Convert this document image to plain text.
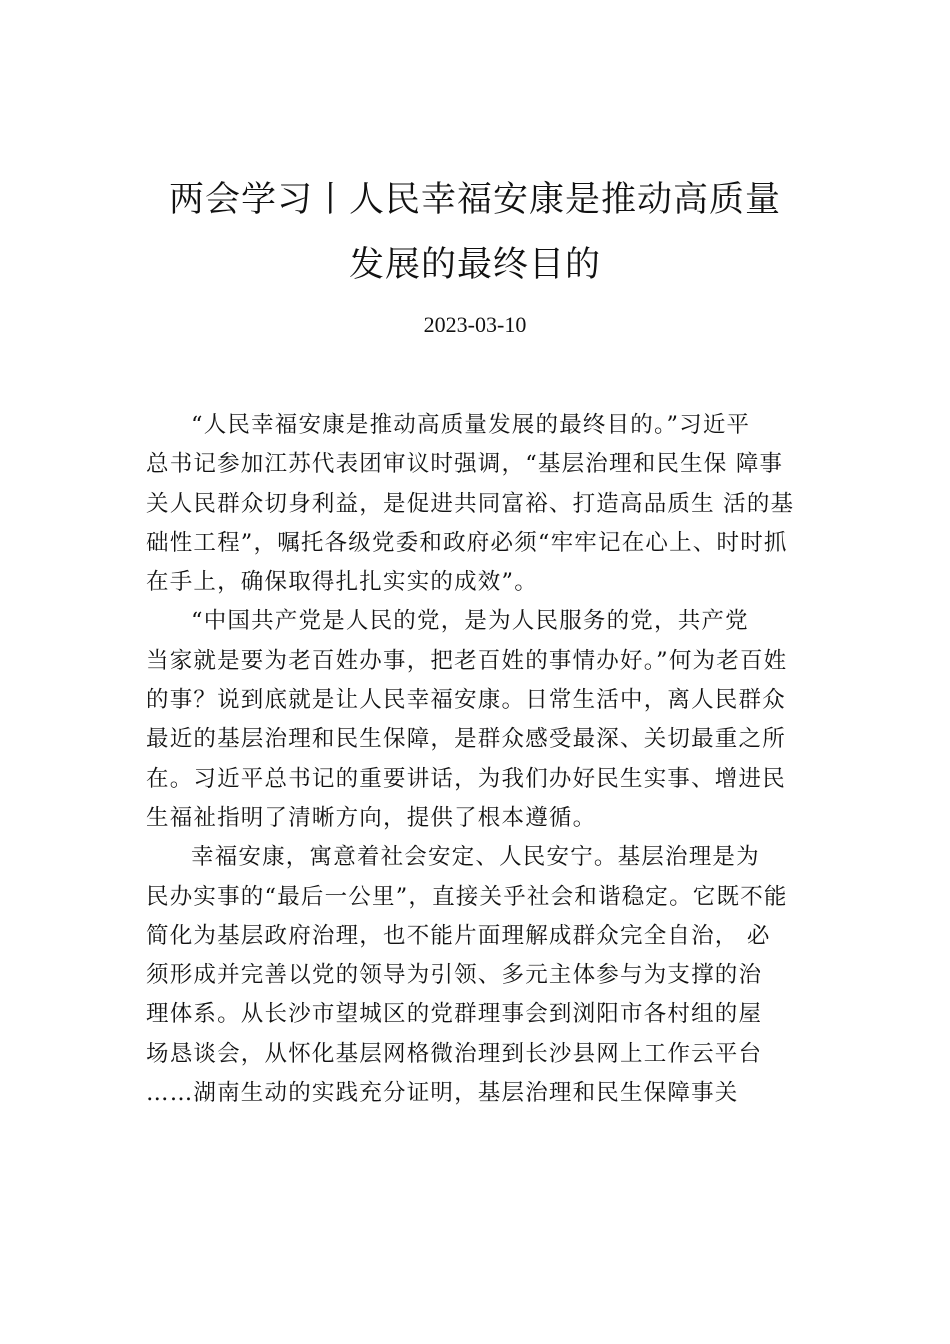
两会学习丨人民幸福安康是推动高质量
发展的最终目的
2023-03-10
“人民幸福安康是推动高质量发展的最终目的。”习近平
总书记参加江苏代表团审议时强调，“基层治理和民生保 障事
关人民群众切身利益，是促进共同富裕、打造高品质生 活的基
础性工程”，嘱托各级党委和政府必须“牢牢记在心上、时时抓
在手上，确保取得扎扎实实的成效”。
“中国共产党是人民的党，是为人民服务的党，共产党
当家就是要为老百姓办事，把老百姓的事情办好。”何为老百姓
的事？说到底就是让人民幸福安康。日常生活中，离人民群众
最近的基层治理和民生保障，是群众感受最深、关切最重之所
在。习近平总书记的重要讲话，为我们办好民生实事、增进民
生福祉指明了清晰方向，提供了根本遵循。
幸福安康，寓意着社会安定、人民安宁。基层治理是为
民办实事的“最后一公里”，直接关乎社会和谐稳定。它既不能
简化为基层政府治理，也不能片面理解成群众完全自治， 必
须形成并完善以党的领导为引领、多元主体参与为支撑的治
理体系。从长沙市望城区的党群理事会到浏阳市各村组的屋
场恳谈会，从怀化基层网格微治理到长沙县网上工作云平台
……湖南生动的实践充分证明，基层治理和民生保障事关
